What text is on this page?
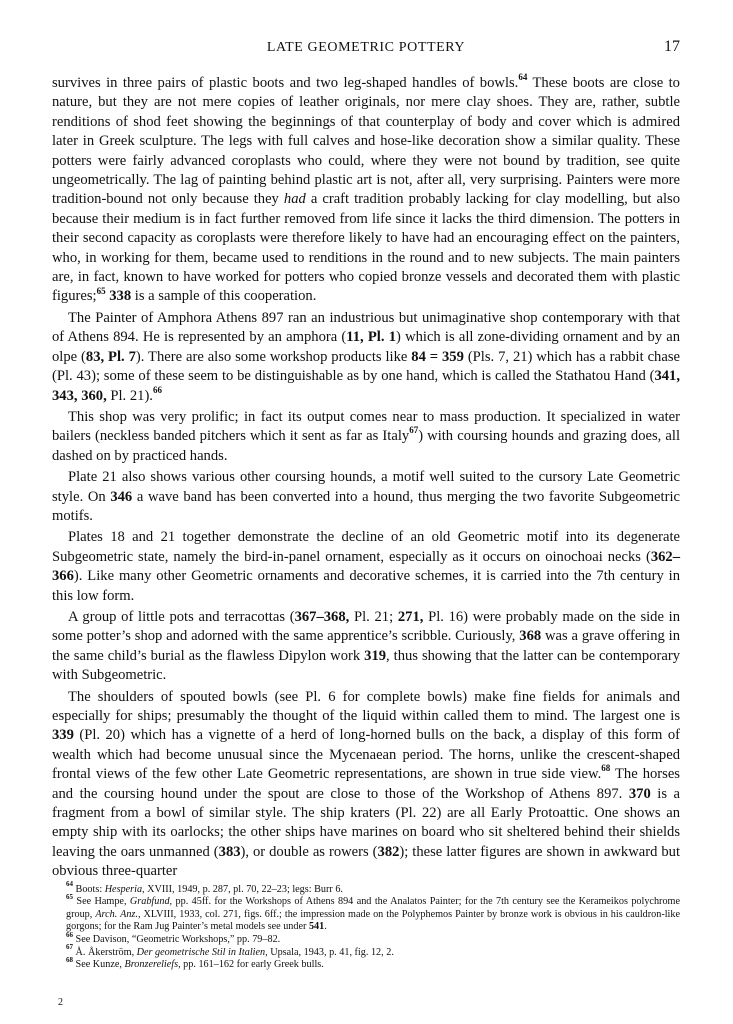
LATE GEOMETRIC POTTERY	17

survives in three pairs of plastic boots and two leg-shaped handles of bowls.$^{64}$ These boots are close to nature, but they are not mere copies of leather originals, nor mere clay shoes. They are, rather, subtle renditions of shod feet showing the beginnings of that counterplay of body and cover which is admired later in Greek sculpture. The legs with full calves and hose-like decoration show a similar quality. These potters were fairly advanced coroplasts who could, where they were not bound by tradition, see quite ungeometrically. The lag of painting behind plastic art is not, after all, very surprising. Painters were more tradition-bound not only because they had a craft tradition probably lacking for clay modelling, but also because their medium is in fact further removed from life since it lacks the third dimension. The potters in their second capacity as coroplasts were therefore likely to have had an encouraging effect on the painters, who, in working for them, became used to renditions in the round and to new subjects. The main painters are, in fact, known to have worked for potters who copied bronze vessels and decorated them with plastic figures;$^{65}$ 338 is a sample of this cooperation.

The Painter of Amphora Athens 897 ran an industrious but unimaginative shop contemporary with that of Athens 894. He is represented by an amphora (11, Pl. 1) which is all zone-dividing ornament and by an olpe (83, Pl. 7). There are also some workshop products like 84 = 359 (Pls. 7, 21) which has a rabbit chase (Pl. 43); some of these seem to be distinguishable as by one hand, which is called the Stathatou Hand (341, 343, 360, Pl. 21).$^{66}$

This shop was very prolific; in fact its output comes near to mass production. It specialized in water bailers (neckless banded pitchers which it sent as far as Italy$^{67}$) with coursing hounds and grazing does, all dashed on by practiced hands.

Plate 21 also shows various other coursing hounds, a motif well suited to the cursory Late Geometric style. On 346 a wave band has been converted into a hound, thus merging the two favorite Subgeometric motifs.

Plates 18 and 21 together demonstrate the decline of an old Geometric motif into its degenerate Subgeometric state, namely the bird-in-panel ornament, especially as it occurs on oinochoai necks (362–366). Like many other Geometric ornaments and decorative schemes, it is carried into the 7th century in this low form.

A group of little pots and terracottas (367–368, Pl. 21; 271, Pl. 16) were probably made on the side in some potter’s shop and adorned with the same apprentice’s scribble. Curiously, 368 was a grave offering in the same child’s burial as the flawless Dipylon work 319, thus showing that the latter can be contemporary with Subgeometric.

The shoulders of spouted bowls (see Pl. 6 for complete bowls) make fine fields for animals and especially for ships; presumably the thought of the liquid within called them to mind. The largest one is 339 (Pl. 20) which has a vignette of a herd of long-horned bulls on the back, a display of this form of wealth which had become unusual since the Mycenaean period. The horns, unlike the crescent-shaped frontal views of the few other Late Geometric representations, are shown in true side view.$^{68}$ The horses and the coursing hound under the spout are close to those of the Workshop of Athens 897. 370 is a fragment from a bowl of similar style. The ship kraters (Pl. 22) are all Early Protoattic. One shows an empty ship with its oarlocks; the other ships have marines on board who sit sheltered behind their shields leaving the oars unmanned (383), or double as rowers (382); these latter figures are shown in awkward but obvious three-quarter

$^{64}$ Boots: Hesperia, XVIII, 1949, p. 287, pl. 70, 22–23; legs: Burr 6.
$^{65}$ See Hampe, Grabfund, pp. 45ff. for the Workshops of Athens 894 and the Analatos Painter; for the 7th century see the Kerameikos polychrome group, Arch. Anz., XLVIII, 1933, col. 271, figs. 6ff.; the impression made on the Polyphemos Painter by bronze work is obvious in his cauldron-like gorgons; for the Ram Jug Painter’s metal models see under 541.
$^{66}$ See Davison, “Geometric Workshops,” pp. 79–82.
$^{67}$ Å. Åkerström, Der geometrische Stil in Italien, Upsala, 1943, p. 41, fig. 12, 2.
$^{68}$ See Kunze, Bronzereliefs, pp. 161–162 for early Greek bulls.
2
